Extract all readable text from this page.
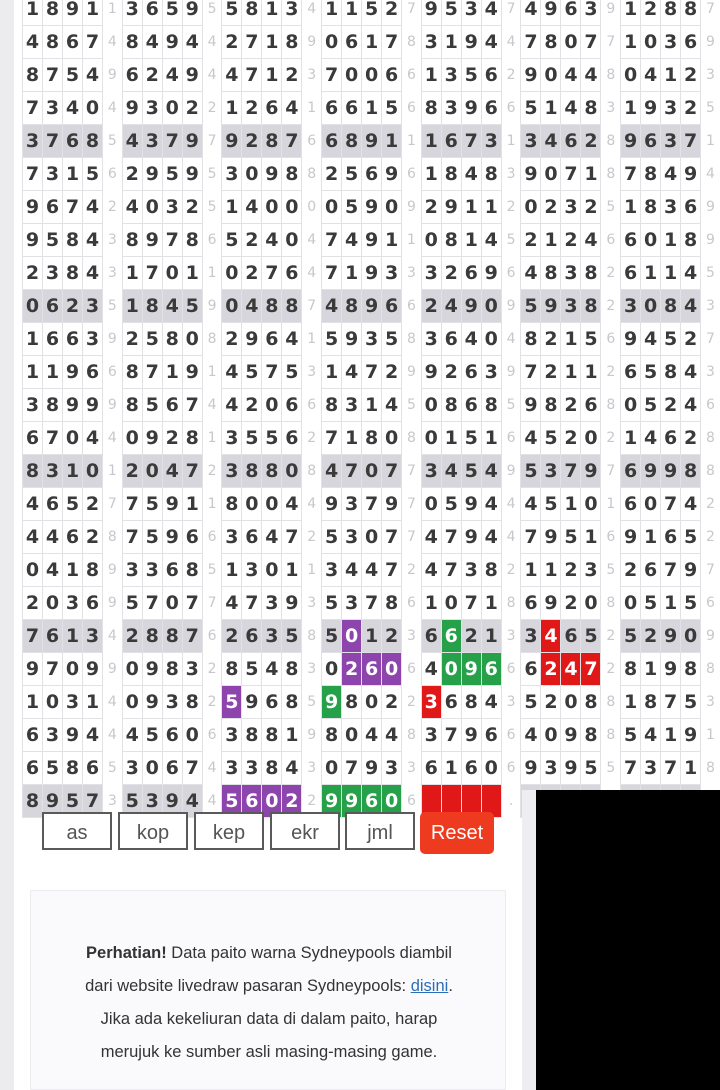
1	8	9	1	1	3	6	5	9	5	5	8	1	3	4	1	1	5	2	7	9	5	3	4	7	4	9	6	3	9	1	2	8	8	7
4	8	6	7	4	8	4	9	4	4	2	7	1	8	9	0	6	1	7	8	3	1	9	4	4	7	8	0	7	7	1	0	3	6	9
8	7	5	4	9	6	2	4	9	4	4	7	1	2	3	7	0	0	6	6	1	3	5	6	2	9	0	4	4	8	0	4	1	2	3
7	3	4	0	4	9	3	0	2	2	1	2	6	4	1	6	6	1	5	6	8	3	9	6	6	5	1	4	8	3	1	9	3	2	5
3	7	6	8	5	4	3	7	9	7	9	2	8	7	6	6	8	9	1	1	1	6	7	3	1	3	4	6	2	8	9	6	3	7	1
7	3	1	5	6	2	9	5	9	5	3	0	9	8	8	2	5	6	9	6	1	8	4	8	3	9	0	7	1	8	7	8	4	9	4
9	6	7	4	2	4	0	3	2	5	1	4	0	0	0	0	5	9	0	9	2	9	1	1	2	0	2	3	2	5	1	8	3	6	9
9	5	8	4	3	8	9	7	8	6	5	2	4	0	4	7	4	9	1	1	0	8	1	4	5	2	1	2	4	6	6	0	1	8	9
2	3	8	4	3	1	7	0	1	1	0	2	7	6	4	7	1	9	3	3	3	2	6	9	6	4	8	3	8	2	6	1	1	4	5
0	6	2	3	5	1	8	4	5	9	0	4	8	8	7	4	8	9	6	6	2	4	9	0	9	5	9	3	8	2	3	0	8	4	3
1	6	6	3	9	2	5	8	0	8	2	9	6	4	1	5	9	3	5	8	3	6	4	0	4	8	2	1	5	6	9	4	5	2	7
1	1	9	6	6	8	7	1	9	1	4	5	7	5	3	1	4	7	2	9	9	2	6	3	9	7	2	1	1	2	6	5	8	4	3
3	8	9	9	9	8	5	6	7	4	4	2	0	6	6	8	3	1	4	5	0	8	6	8	5	9	8	2	6	8	0	5	2	4	6
6	7	0	4	4	0	9	2	8	1	3	5	5	6	2	7	1	8	0	8	0	1	5	1	6	4	5	2	0	2	1	4	6	2	8
8	3	1	0	1	2	0	4	7	2	3	8	8	0	8	4	7	0	7	7	3	4	5	4	9	5	3	7	9	7	6	9	9	8	8
4	6	5	2	7	7	5	9	1	1	8	0	0	4	4	9	3	7	9	7	0	5	9	4	4	4	5	1	0	1	6	0	7	4	2
4	4	6	2	8	7	5	9	6	6	3	6	4	7	2	5	3	0	7	7	4	7	9	4	4	7	9	5	1	6	9	1	6	5	2
0	4	1	8	9	3	3	6	8	5	1	3	0	1	1	3	4	4	7	2	4	7	3	8	2	1	1	2	3	5	2	6	7	9	7
2	0	3	6	9	5	7	0	7	7	4	7	3	9	3	5	3	7	8	6	1	0	7	1	8	6	9	2	0	8	0	5	1	5	6
7	6	1	3	4	2	8	8	7	6	2	6	3	5	8	5	0	1	2	3	6	6	2	1	3	3	4	6	5	2	5	2	9	0	9
9	7	0	9	9	0	9	8	3	2	8	5	4	8	3	0	2	6	0	6	4	0	9	6	6	6	2	4	7	2	8	1	9	8	8
1	0	3	1	4	0	9	3	8	2	5	9	6	8	5	9	8	0	2	2	3	6	8	4	3	5	2	0	8	8	1	8	7	5	3
6	3	9	4	4	4	5	6	0	6	3	8	8	1	9	8	0	4	4	8	3	7	9	6	6	4	0	9	8	8	5	4	1	9	1
6	5	8	6	5	3	0	6	7	4	3	3	8	4	3	0	7	9	3	3	6	1	6	0	6	9	3	9	5	5	7	3	7	1	8
8	9	5	7	3	5	3	9	4	4	5	6	0	2	2	9	9	6	0	6					.										
as	kop	kep	ekr	jml	Reset

Perhatian! Data paito warna Sydneypools diambil

dari website livedraw pasaran Sydneypools: disini.

Jika ada kekeliuran data di dalam paito, harap

merujuk ke sumber asli masing-masing game.
